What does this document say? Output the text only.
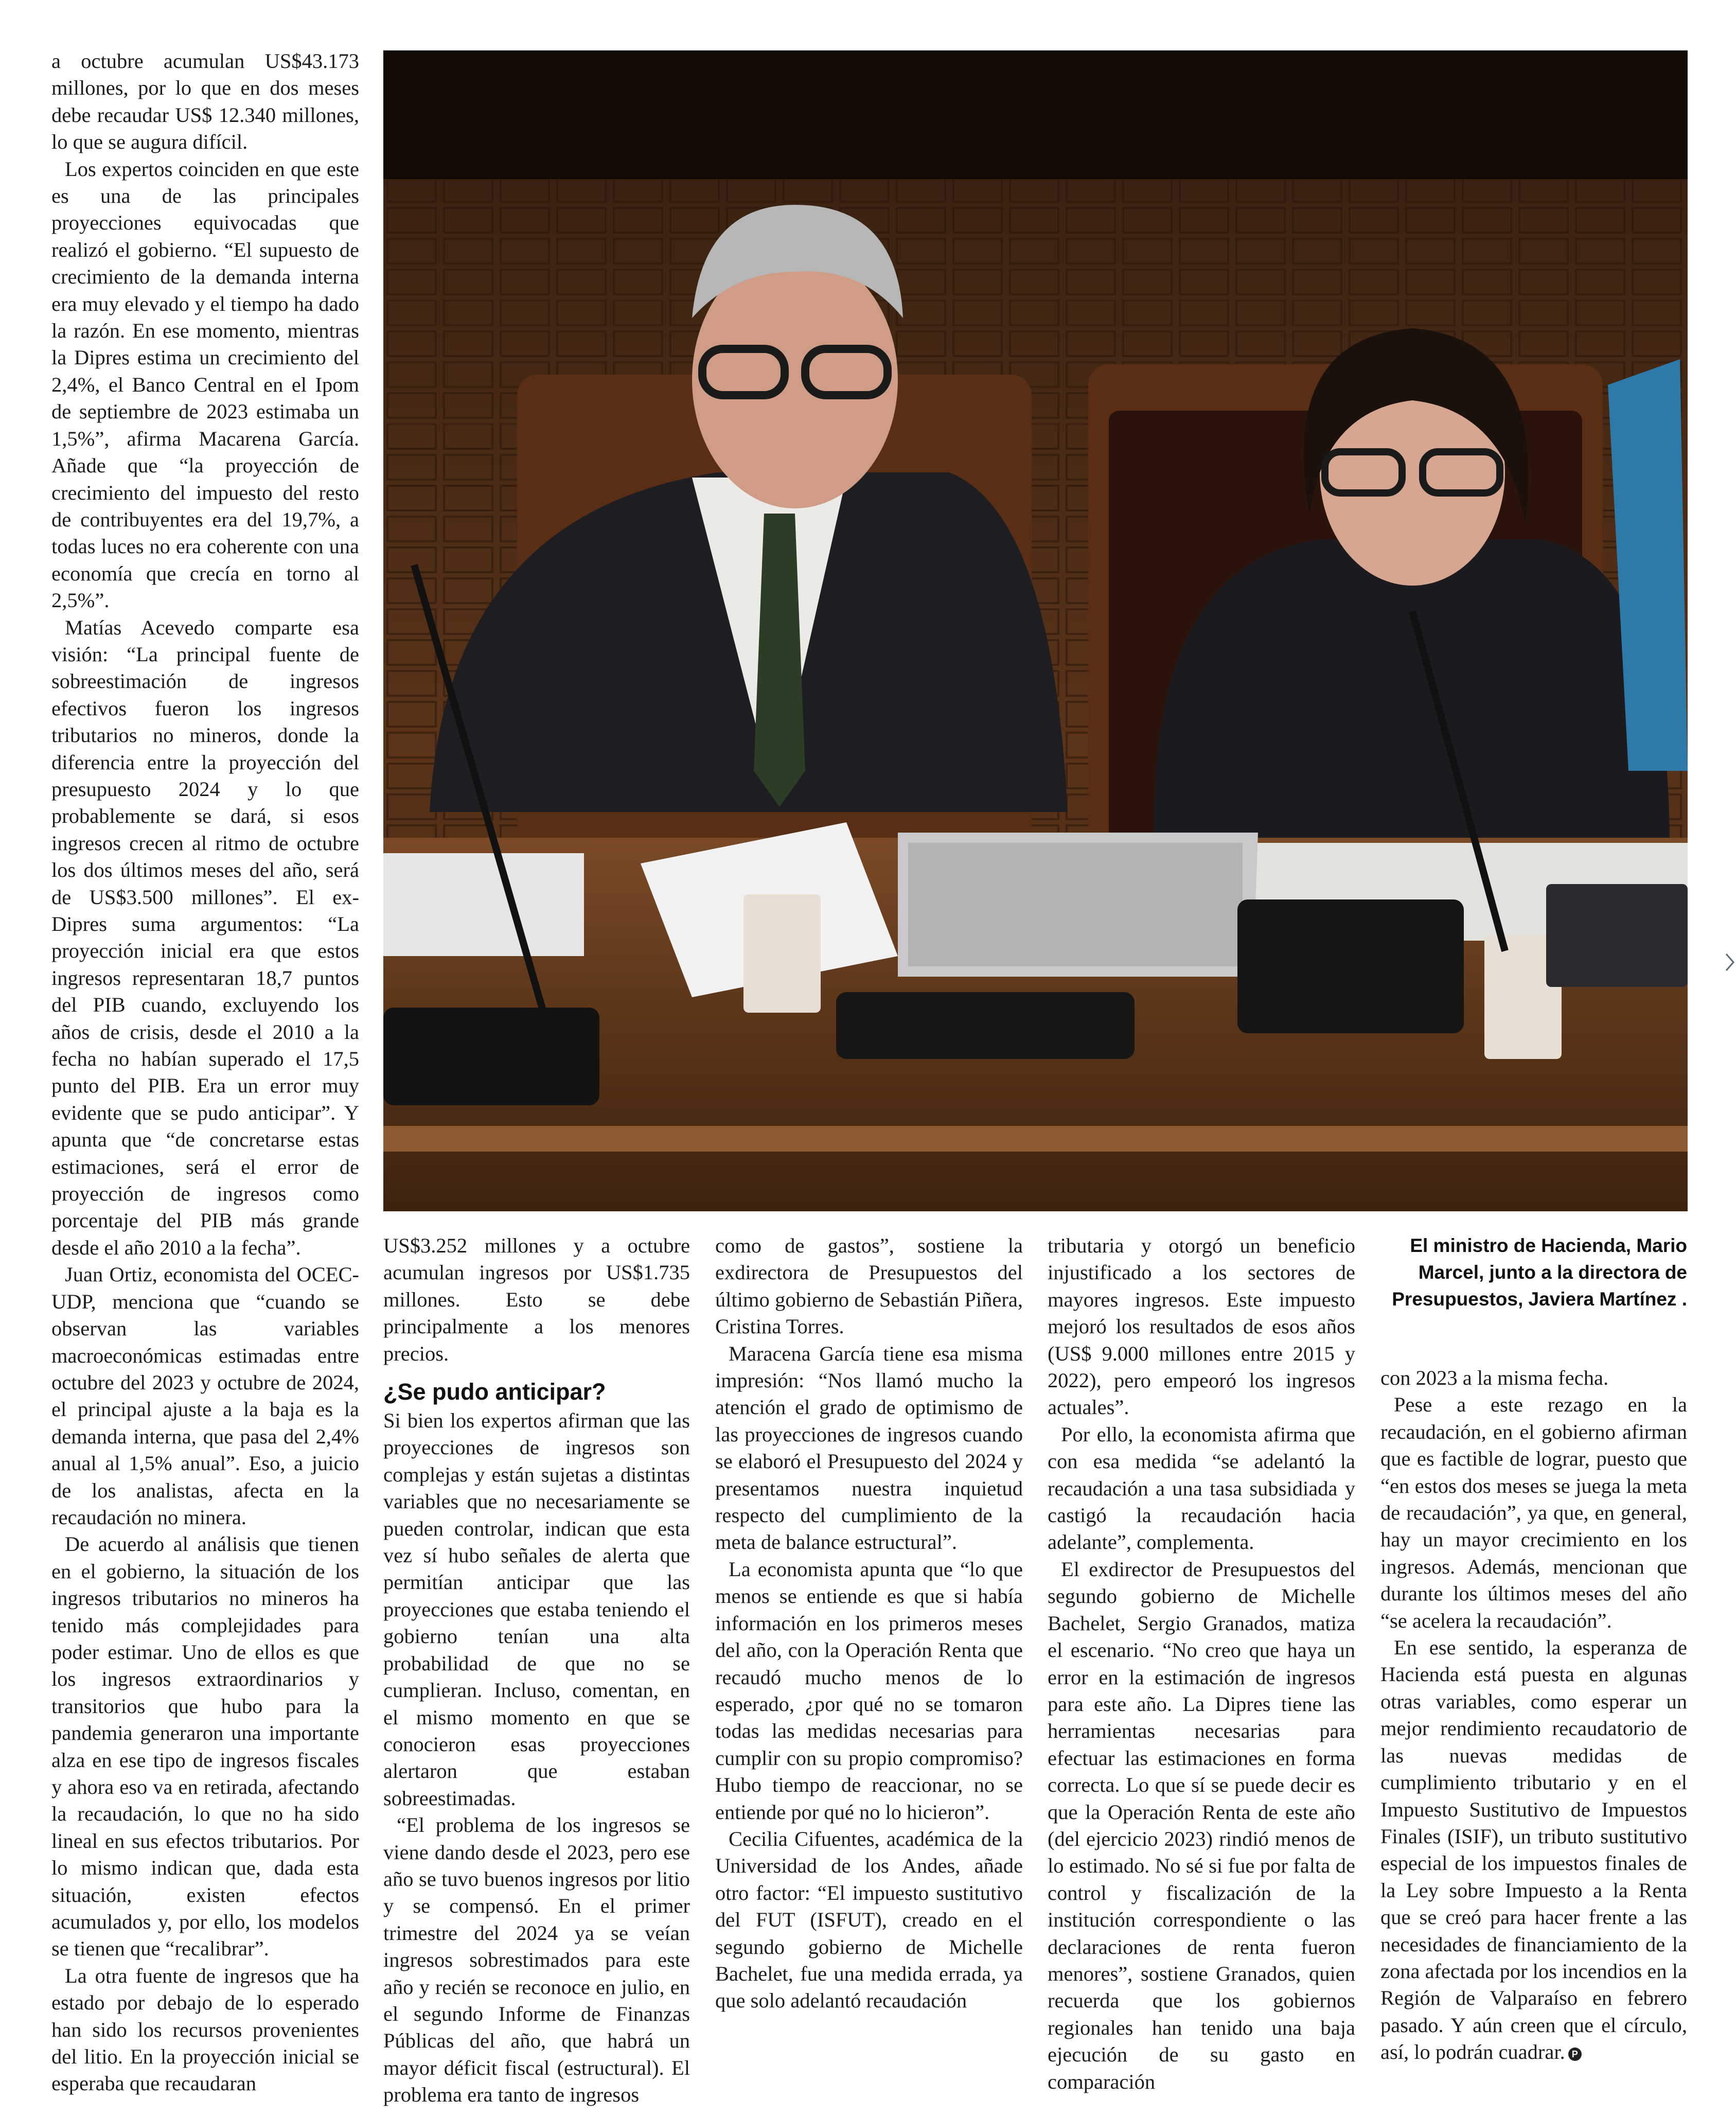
a octubre acumulan US$43.173 millones, por lo que en dos meses debe recaudar US$ 12.340 millones, lo que se augura difícil.

Los expertos coinciden en que este es una de las principales proyecciones equivocadas que realizó el gobierno. “El supuesto de crecimiento de la demanda interna era muy elevado y el tiempo ha dado la razón. En ese momento, mientras la Dipres estima un crecimiento del 2,4%, el Banco Central en el Ipom de septiembre de 2023 estimaba un 1,5%”, afirma Macarena García. Añade que “la proyección de crecimiento del impuesto del resto de contribuyentes era del 19,7%, a todas luces no era coherente con una economía que crecía en torno al 2,5%”.

Matías Acevedo comparte esa visión: “La principal fuente de sobreestimación de ingresos efectivos fueron los ingresos tributarios no mineros, donde la diferencia entre la proyección del presupuesto 2024 y lo que probablemente se dará, si esos ingresos crecen al ritmo de octubre los dos últimos meses del año, será de US$3.500 millones”. El ex-Dipres suma argumentos: “La proyección inicial era que estos ingresos representaran 18,7 puntos del PIB cuando, excluyendo los años de crisis, desde el 2010 a la fecha no habían superado el 17,5 punto del PIB. Era un error muy evidente que se pudo anticipar”. Y apunta que “de concretarse estas estimaciones, será el error de proyección de ingresos como porcentaje del PIB más grande desde el año 2010 a la fecha”.

Juan Ortiz, economista del OCEC-UDP, menciona que “cuando se observan las variables macroeconómicas estimadas entre octubre del 2023 y octubre de 2024, el principal ajuste a la baja es la demanda interna, que pasa del 2,4% anual al 1,5% anual”. Eso, a juicio de los analistas, afecta en la recaudación no minera.

De acuerdo al análisis que tienen en el gobierno, la situación de los ingresos tributarios no mineros ha tenido más complejidades para poder estimar. Uno de ellos es que los ingresos extraordinarios y transitorios que hubo para la pandemia generaron una importante alza en ese tipo de ingresos fiscales y ahora eso va en retirada, afectando la recaudación, lo que no ha sido lineal en sus efectos tributarios. Por lo mismo indican que, dada esta situación, existen efectos acumulados y, por ello, los modelos se tienen que “recalibrar”.

La otra fuente de ingresos que ha estado por debajo de lo esperado han sido los recursos provenientes del litio. En la proyección inicial se esperaba que recaudaran

US$3.252 millones y a octubre acumulan ingresos por US$1.735 millones. Esto se debe principalmente a los menores precios.

¿Se pudo anticipar?

Si bien los expertos afirman que las proyecciones de ingresos son complejas y están sujetas a distintas variables que no necesariamente se pueden controlar, indican que esta vez sí hubo señales de alerta que permitían anticipar que las proyecciones que estaba teniendo el gobierno tenían una alta probabilidad de que no se cumplieran. Incluso, comentan, en el mismo momento en que se conocieron esas proyecciones alertaron que estaban sobreestimadas.

“El problema de los ingresos se viene dando desde el 2023, pero ese año se tuvo buenos ingresos por litio y se compensó. En el primer trimestre del 2024 ya se veían ingresos sobrestimados para este año y recién se reconoce en julio, en el segundo Informe de Finanzas Públicas del año, que habrá un mayor déficit fiscal (estructural). El problema era tanto de ingresos

como de gastos”, sostiene la exdirectora de Presupuestos del último gobierno de Sebastián Piñera, Cristina Torres.

Maracena García tiene esa misma impresión: “Nos llamó mucho la atención el grado de optimismo de las proyecciones de ingresos cuando se elaboró el Presupuesto del 2024 y presentamos nuestra inquietud respecto del cumplimiento de la meta de balance estructural”.

La economista apunta que “lo que menos se entiende es que si había información en los primeros meses del año, con la Operación Renta que recaudó mucho menos de lo esperado, ¿por qué no se tomaron todas las medidas necesarias para cumplir con su propio compromiso? Hubo tiempo de reaccionar, no se entiende por qué no lo hicieron”.

Cecilia Cifuentes, académica de la Universidad de los Andes, añade otro factor: “El impuesto sustitutivo del FUT (ISFUT), creado en el segundo gobierno de Michelle Bachelet, fue una medida errada, ya que solo adelantó recaudación

tributaria y otorgó un beneficio injustificado a los sectores de mayores ingresos. Este impuesto mejoró los resultados de esos años (US$ 9.000 millones entre 2015 y 2022), pero empeoró los ingresos actuales”.

Por ello, la economista afirma que con esa medida “se adelantó la recaudación a una tasa subsidiada y castigó la recaudación hacia adelante”, complementa.

El exdirector de Presupuestos del segundo gobierno de Michelle Bachelet, Sergio Granados, matiza el escenario. “No creo que haya un error en la estimación de ingresos para este año. La Dipres tiene las herramientas necesarias para efectuar las estimaciones en forma correcta. Lo que sí se puede decir es que la Operación Renta de este año (del ejercicio 2023) rindió menos de lo estimado. No sé si fue por falta de control y fiscalización de la institución correspondiente o las declaraciones de renta fueron menores”, sostiene Granados, quien recuerda que los gobiernos regionales han tenido una baja ejecución de su gasto en comparación

El ministro de Hacienda, Mario Marcel, junto a la directora de Presupuestos, Javiera Martínez .

con 2023 a la misma fecha.

Pese a este rezago en la recaudación, en el gobierno afirman que es factible de lograr, puesto que “en estos dos meses se juega la meta de recaudación”, ya que, en general, hay un mayor crecimiento en los ingresos. Además, mencionan que durante los últimos meses del año “se acelera la recaudación”.

En ese sentido, la esperanza de Hacienda está puesta en algunas otras variables, como esperar un mejor rendimiento recaudatorio de las nuevas medidas de cumplimiento tributario y en el Impuesto Sustitutivo de Impuestos Finales (ISIF), un tributo sustitutivo especial de los impuestos finales de la Ley sobre Impuesto a la Renta que se creó para hacer frente a las necesidades de financiamiento de la zona afectada por los incendios en la Región de Valparaíso en febrero pasado. Y aún creen que el círculo, así, lo podrán cuadrar. P
